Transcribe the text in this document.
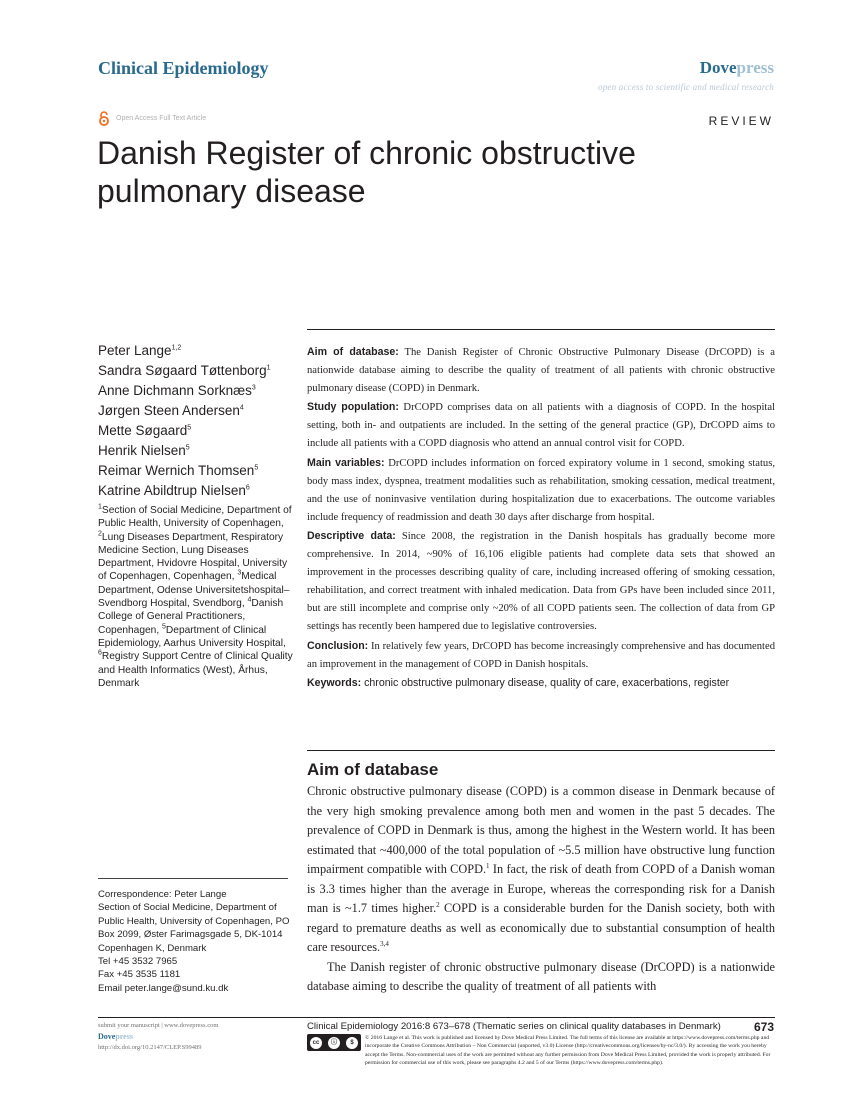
Clinical Epidemiology	Dovepress
open access to scientific and medical research
Open Access Full Text Article	REVIEW
Danish Register of chronic obstructive pulmonary disease
Peter Lange$^{1,2}$
Sandra Søgaard Tøttenborg$^1$
Anne Dichmann Sorknæs$^3$
Jørgen Steen Andersen$^4$
Mette Søgaard$^5$
Henrik Nielsen$^5$
Reimar Wernich Thomsen$^5$
Katrine Abildtrup Nielsen$^6$
$^1$Section of Social Medicine, Department of Public Health, University of Copenhagen, $^2$Lung Diseases Department, Respiratory Medicine Section, Lung Diseases Department, Hvidovre Hospital, University of Copenhagen, Copenhagen, $^3$Medical Department, Odense Universitetshospital–Svendborg Hospital, Svendborg, $^4$Danish College of General Practitioners, Copenhagen, $^5$Department of Clinical Epidemiology, Aarhus University Hospital, $^6$Registry Support Centre of Clinical Quality and Health Informatics (West), Århus, Denmark
Correspondence: Peter Lange
Section of Social Medicine, Department of Public Health, University of Copenhagen, PO Box 2099, Øster Farimagsgade 5, DK-1014 Copenhagen K, Denmark
Tel +45 3532 7965
Fax +45 3535 1181
Email peter.lange@sund.ku.dk

Aim of database: The Danish Register of Chronic Obstructive Pulmonary Disease (DrCOPD) is a nationwide database aiming to describe the quality of treatment of all patients with chronic obstructive pulmonary disease (COPD) in Denmark.

Study population: DrCOPD comprises data on all patients with a diagnosis of COPD. In the hospital setting, both in- and outpatients are included. In the setting of the general practice (GP), DrCOPD aims to include all patients with a COPD diagnosis who attend an annual control visit for COPD.

Main variables: DrCOPD includes information on forced expiratory volume in 1 second, smoking status, body mass index, dyspnea, treatment modalities such as rehabilitation, smoking cessation, medical treatment, and the use of noninvasive ventilation during hospitalization due to exacerbations. The outcome variables include frequency of readmission and death 30 days after discharge from hospital.

Descriptive data: Since 2008, the registration in the Danish hospitals has gradually become more comprehensive. In 2014, ~90% of 16,106 eligible patients had complete data sets that showed an improvement in the processes describing quality of care, including increased offering of smoking cessation, rehabilitation, and correct treatment with inhaled medication. Data from GPs have been included since 2011, but are still incomplete and comprise only ~20% of all COPD patients seen. The collection of data from GP settings has recently been hampered due to legislative controversies.

Conclusion: In relatively few years, DrCOPD has become increasingly comprehensive and has documented an improvement in the management of COPD in Danish hospitals.

Keywords: chronic obstructive pulmonary disease, quality of care, exacerbations, register

Aim of database

Chronic obstructive pulmonary disease (COPD) is a common disease in Denmark because of the very high smoking prevalence among both men and women in the past 5 decades. The prevalence of COPD in Denmark is thus, among the highest in the Western world. It has been estimated that ~400,000 of the total population of ~5.5 million have obstructive lung function impairment compatible with COPD.$^1$ In fact, the risk of death from COPD of a Danish woman is 3.3 times higher than the average in Europe, whereas the corresponding risk for a Danish man is ~1.7 times higher.$^2$ COPD is a considerable burden for the Danish society, both with regard to premature deaths as well as economically due to substantial consumption of health care resources.$^{3,4}$

The Danish register of chronic obstructive pulmonary disease (DrCOPD) is a nationwide database aiming to describe the quality of treatment of all patients with

submit your manuscript | www.dovepress.com
Dovepress
http://dx.doi.org/10.2147/CLEP.S99489
Clinical Epidemiology 2016:8 673–678 (Thematic series on clinical quality databases in Denmark)	673
cc	ⓘ	$
© 2016 Lange et al. This work is published and licensed by Dove Medical Press Limited. The full terms of this license are available at https://www.dovepress.com/terms.php and incorporate the Creative Commons Attribution – Non Commercial (unported, v3.0) License (http://creativecommons.org/licenses/by-nc/3.0/). By accessing the work you hereby accept the Terms. Non-commercial uses of the work are permitted without any further permission from Dove Medical Press Limited, provided the work is properly attributed. For permission for commercial use of this work, please see paragraphs 4.2 and 5 of our Terms (https://www.dovepress.com/terms.php).
